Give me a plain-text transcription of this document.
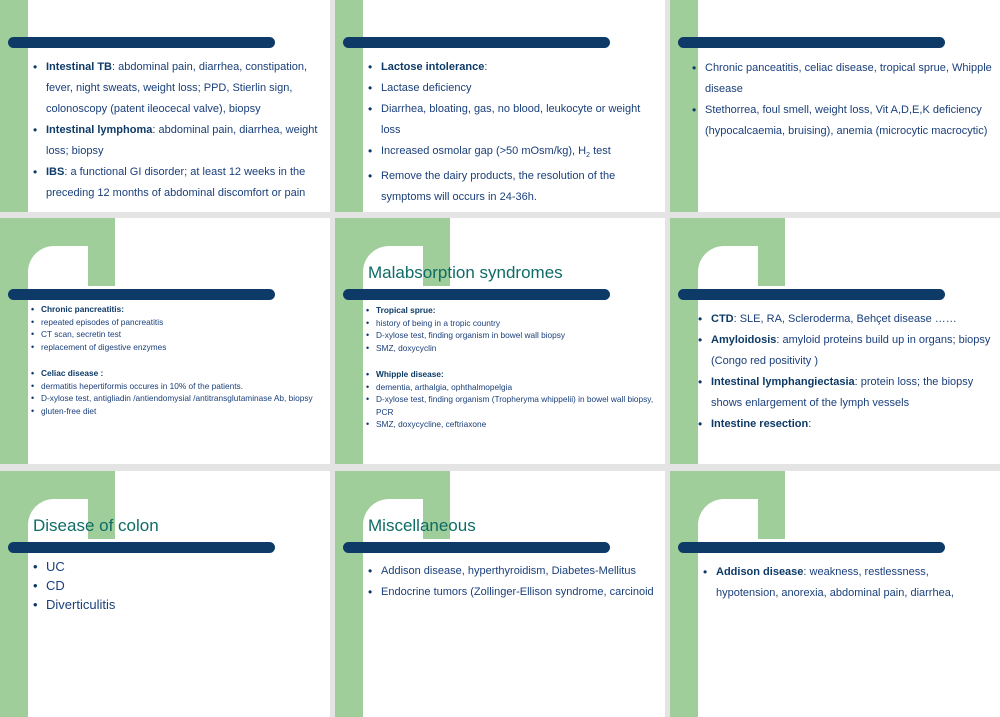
• Intestinal TB: abdominal pain, diarrhea, constipation, fever, night sweats, weight loss; PPD, Stierlin sign, colonoscopy (patent ileocecal valve), biopsy
• Intestinal lymphoma: abdominal pain, diarrhea, weight loss; biopsy
• IBS: a functional GI disorder; at least 12 weeks in the preceding 12 months of abdominal discomfort or pain
• Lactose intolerance:
• Lactase deficiency
• Diarrhea, bloating, gas, no blood, leukocyte or weight loss
• Increased osmolar gap (>50 mOsm/kg), $H_2$ test
• Remove the dairy products, the resolution of the symptoms will occurs in 24-36h.
• Chronic panceatitis, celiac disease, tropical sprue, Whipple disease
• Stethorrea, foul smell, weight loss, Vit A,D,E,K deficiency (hypocalcaemia, bruising), anemia (microcytic macrocytic)
• Chronic pancreatitis:
• repeated episodes of pancreatitis
• CT scan, secretin test
• replacement of digestive enzymes
• Celiac disease :
• dermatitis hepertiformis occures in 10% of the patients.
• D-xylose test, antigliadin /antiendomysial /antitransglutaminase Ab, biopsy
• gluten-free diet
Malabsorption syndromes
• Tropical sprue:
• history of being in a tropic country
• D-xylose test, finding organism in bowel wall biopsy
• SMZ, doxycyclin
• Whipple disease:
• dementia, arthalgia, ophthalmopelgia
• D-xylose test, finding organism (Tropheryma whippelii) in bowel wall biopsy, PCR
• SMZ, doxycycline, ceftriaxone
• CTD: SLE, RA, Scleroderma, Behçet disease ……
• Amyloidosis: amyloid proteins build up in organs; biopsy (Congo red positivity )
• Intestinal lymphangiectasia: protein loss; the biopsy shows enlargement of the lymph vessels
• Intestine resection:
Disease of colon
• UC
• CD
• Diverticulitis
Miscellaneous
• Addison disease, hyperthyroidism, Diabetes-Mellitus
• Endocrine tumors (Zollinger-Ellison syndrome, carcinoid
• Addison disease: weakness, restlessness, hypotension, anorexia, abdominal pain, diarrhea,
